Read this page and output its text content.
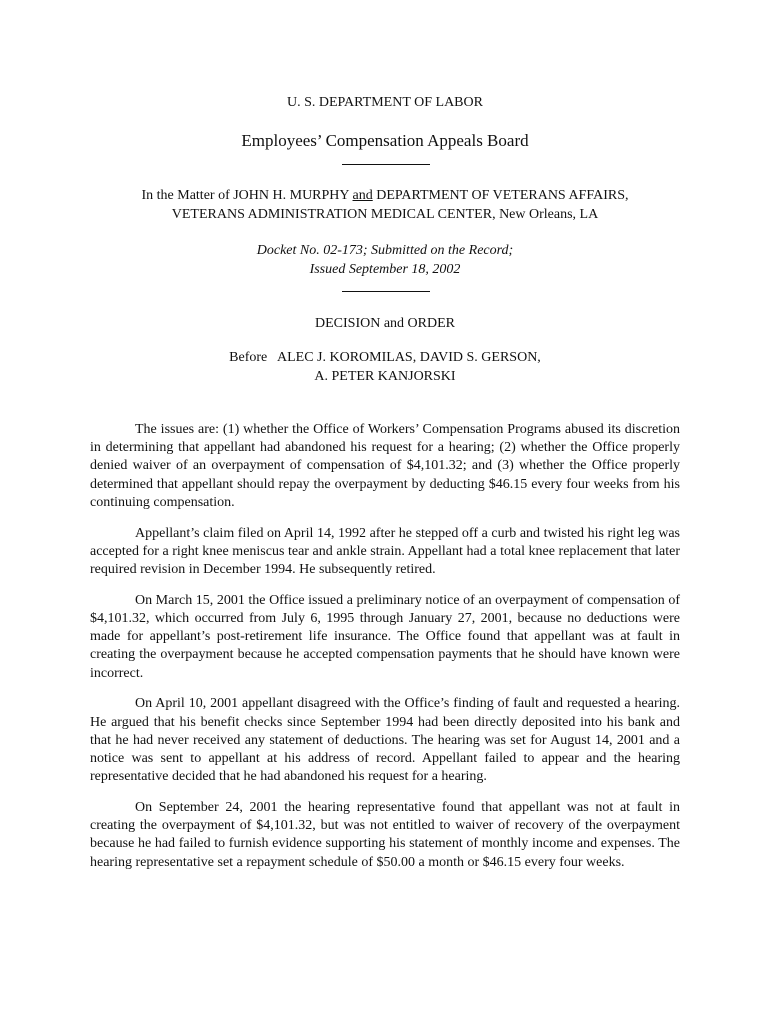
U. S. DEPARTMENT OF LABOR
Employees’ Compensation Appeals Board
In the Matter of JOHN H. MURPHY and DEPARTMENT OF VETERANS AFFAIRS,
VETERANS ADMINISTRATION MEDICAL CENTER, New Orleans, LA
Docket No. 02-173; Submitted on the Record;
Issued September 18, 2002
DECISION and ORDER
Before   ALEC J. KOROMILAS, DAVID S. GERSON,
A. PETER KANJORSKI

The issues are: (1) whether the Office of Workers’ Compensation Programs abused its discretion in determining that appellant had abandoned his request for a hearing; (2) whether the Office properly denied waiver of an overpayment of compensation of $4,101.32; and (3) whether the Office properly determined that appellant should repay the overpayment by deducting $46.15 every four weeks from his continuing compensation.

Appellant’s claim filed on April 14, 1992 after he stepped off a curb and twisted his right leg was accepted for a right knee meniscus tear and ankle strain. Appellant had a total knee replacement that later required revision in December 1994. He subsequently retired.

On March 15, 2001 the Office issued a preliminary notice of an overpayment of compensation of $4,101.32, which occurred from July 6, 1995 through January 27, 2001, because no deductions were made for appellant’s post-retirement life insurance. The Office found that appellant was at fault in creating the overpayment because he accepted compensation payments that he should have known were incorrect.

On April 10, 2001 appellant disagreed with the Office’s finding of fault and requested a hearing. He argued that his benefit checks since September 1994 had been directly deposited into his bank and that he had never received any statement of deductions. The hearing was set for August 14, 2001 and a notice was sent to appellant at his address of record. Appellant failed to appear and the hearing representative decided that he had abandoned his request for a hearing.

On September 24, 2001 the hearing representative found that appellant was not at fault in creating the overpayment of $4,101.32, but was not entitled to waiver of recovery of the overpayment because he had failed to furnish evidence supporting his statement of monthly income and expenses. The hearing representative set a repayment schedule of $50.00 a month or $46.15 every four weeks.
